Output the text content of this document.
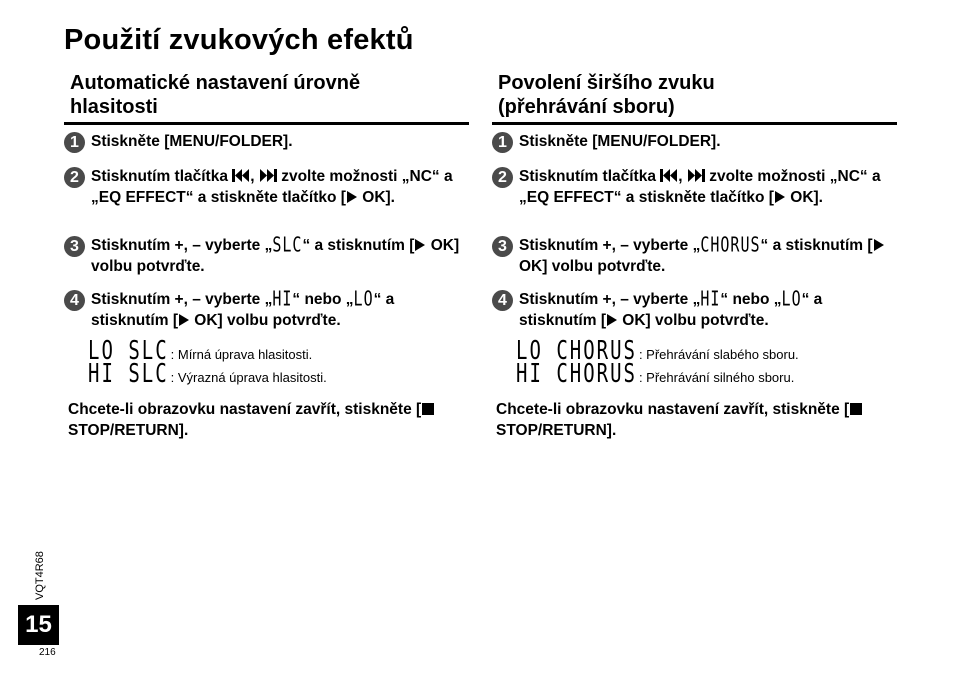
Použití zvukových efektů
Automatické nastavení úrovně
hlasitosti
1 Stiskněte [MENU/FOLDER].
2 Stisknutím tlačítka ,  zvolte možnosti „NC“ a „EQ EFFECT“ a stiskněte tlačítko [ OK].
3 Stisknutím +, – vyberte „SLC“ a stisknutím [ OK] volbu potvrďte.
4 Stisknutím +, – vyberte „HI“ nebo „LO“ a stisknutím [ OK] volbu potvrďte.
LO SLC : Mírná úprava hlasitosti.
HI SLC : Výrazná úprava hlasitosti.
Chcete-li obrazovku nastavení zavřít, stiskněte [ STOP/RETURN].
Povolení širšího zvuku
(přehrávání sboru)
1 Stiskněte [MENU/FOLDER].
2 Stisknutím tlačítka ,  zvolte možnosti „NC“ a „EQ EFFECT“ a stiskněte tlačítko [ OK].
3 Stisknutím +, – vyberte „CHORUS“ a stisknutím [ OK] volbu potvrďte.
4 Stisknutím +, – vyberte „HI“ nebo „LO“ a stisknutím [ OK] volbu potvrďte.
LO CHORUS : Přehrávání slabého sboru.
HI CHORUS : Přehrávání silného sboru.
Chcete-li obrazovku nastavení zavřít, stiskněte [ STOP/RETURN].
VQT4R68
15
216
